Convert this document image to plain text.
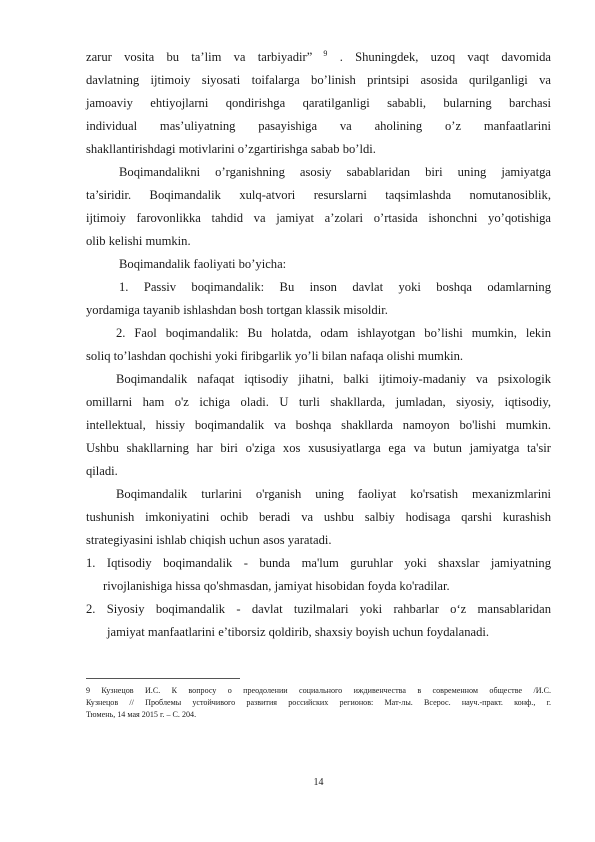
zarur vosita bu ta’lim va tarbiyadir” $^9$ . Shuningdek, uzoq vaqt davomida
davlatning ijtimoiy siyosati toifalarga bo’linish printsipi asosida qurilganligi va
jamoaviy ehtiyojlarni qondirishga qaratilganligi sababli, bularning barchasi
individual mas’uliyatning pasayishiga va aholining o’z manfaatlarini
shakllantirishdagi motivlarini o’zgartirishga sabab bo’ldi.
Boqimandalikni o’rganishning asosiy sabablaridan biri uning jamiyatga
ta’siridir. Boqimandalik xulq-atvori resurslarni taqsimlashda nomutanosiblik,
ijtimoiy farovonlikka tahdid va jamiyat a’zolari o’rtasida ishonchni yo’qotishiga
olib kelishi mumkin.
Boqimandalik faoliyati bo’yicha:
1. Passiv boqimandalik: Bu inson davlat yoki boshqa odamlarning
yordamiga tayanib ishlashdan bosh tortgan klassik misoldir.
2. Faol boqimandalik: Bu holatda, odam ishlayotgan bo’lishi mumkin, lekin
soliq to’lashdan qochishi yoki firibgarlik yo’li bilan nafaqa olishi mumkin.
Boqimandalik nafaqat iqtisodiy jihatni, balki ijtimoiy-madaniy va psixologik
omillarni ham o'z ichiga oladi. U turli shakllarda, jumladan, siyosiy, iqtisodiy,
intellektual, hissiy boqimandalik va boshqa shakllarda namoyon bo'lishi mumkin.
Ushbu shakllarning har biri o'ziga xos xususiyatlarga ega va butun jamiyatga ta'sir
qiladi.
Boqimandalik turlarini o'rganish uning faoliyat ko'rsatish mexanizmlarini
tushunish imkoniyatini ochib beradi va ushbu salbiy hodisaga qarshi kurashish
strategiyasini ishlab chiqish uchun asos yaratadi.
1. Iqtisodiy boqimandalik - bunda ma'lum guruhlar yoki shaxslar jamiyatning
rivojlanishiga hissa qo'shmasdan, jamiyat hisobidan foyda ko'radilar.
2. Siyosiy boqimandalik - davlat tuzilmalari yoki rahbarlar o‘z mansablaridan
jamiyat manfaatlarini e’tiborsiz qoldirib, shaxsiy boyish uchun foydalanadi.
9 Кузнецов И.С. К вопросу о преодолении социального иждивенчества в современном обществе /И.С.
Кузнецов // Проблемы устойчивого развития российских регионов: Мат-лы. Всерос. науч.-практ. конф., г.
Тюмень, 14 мая 2015 г. – С. 204.
14
